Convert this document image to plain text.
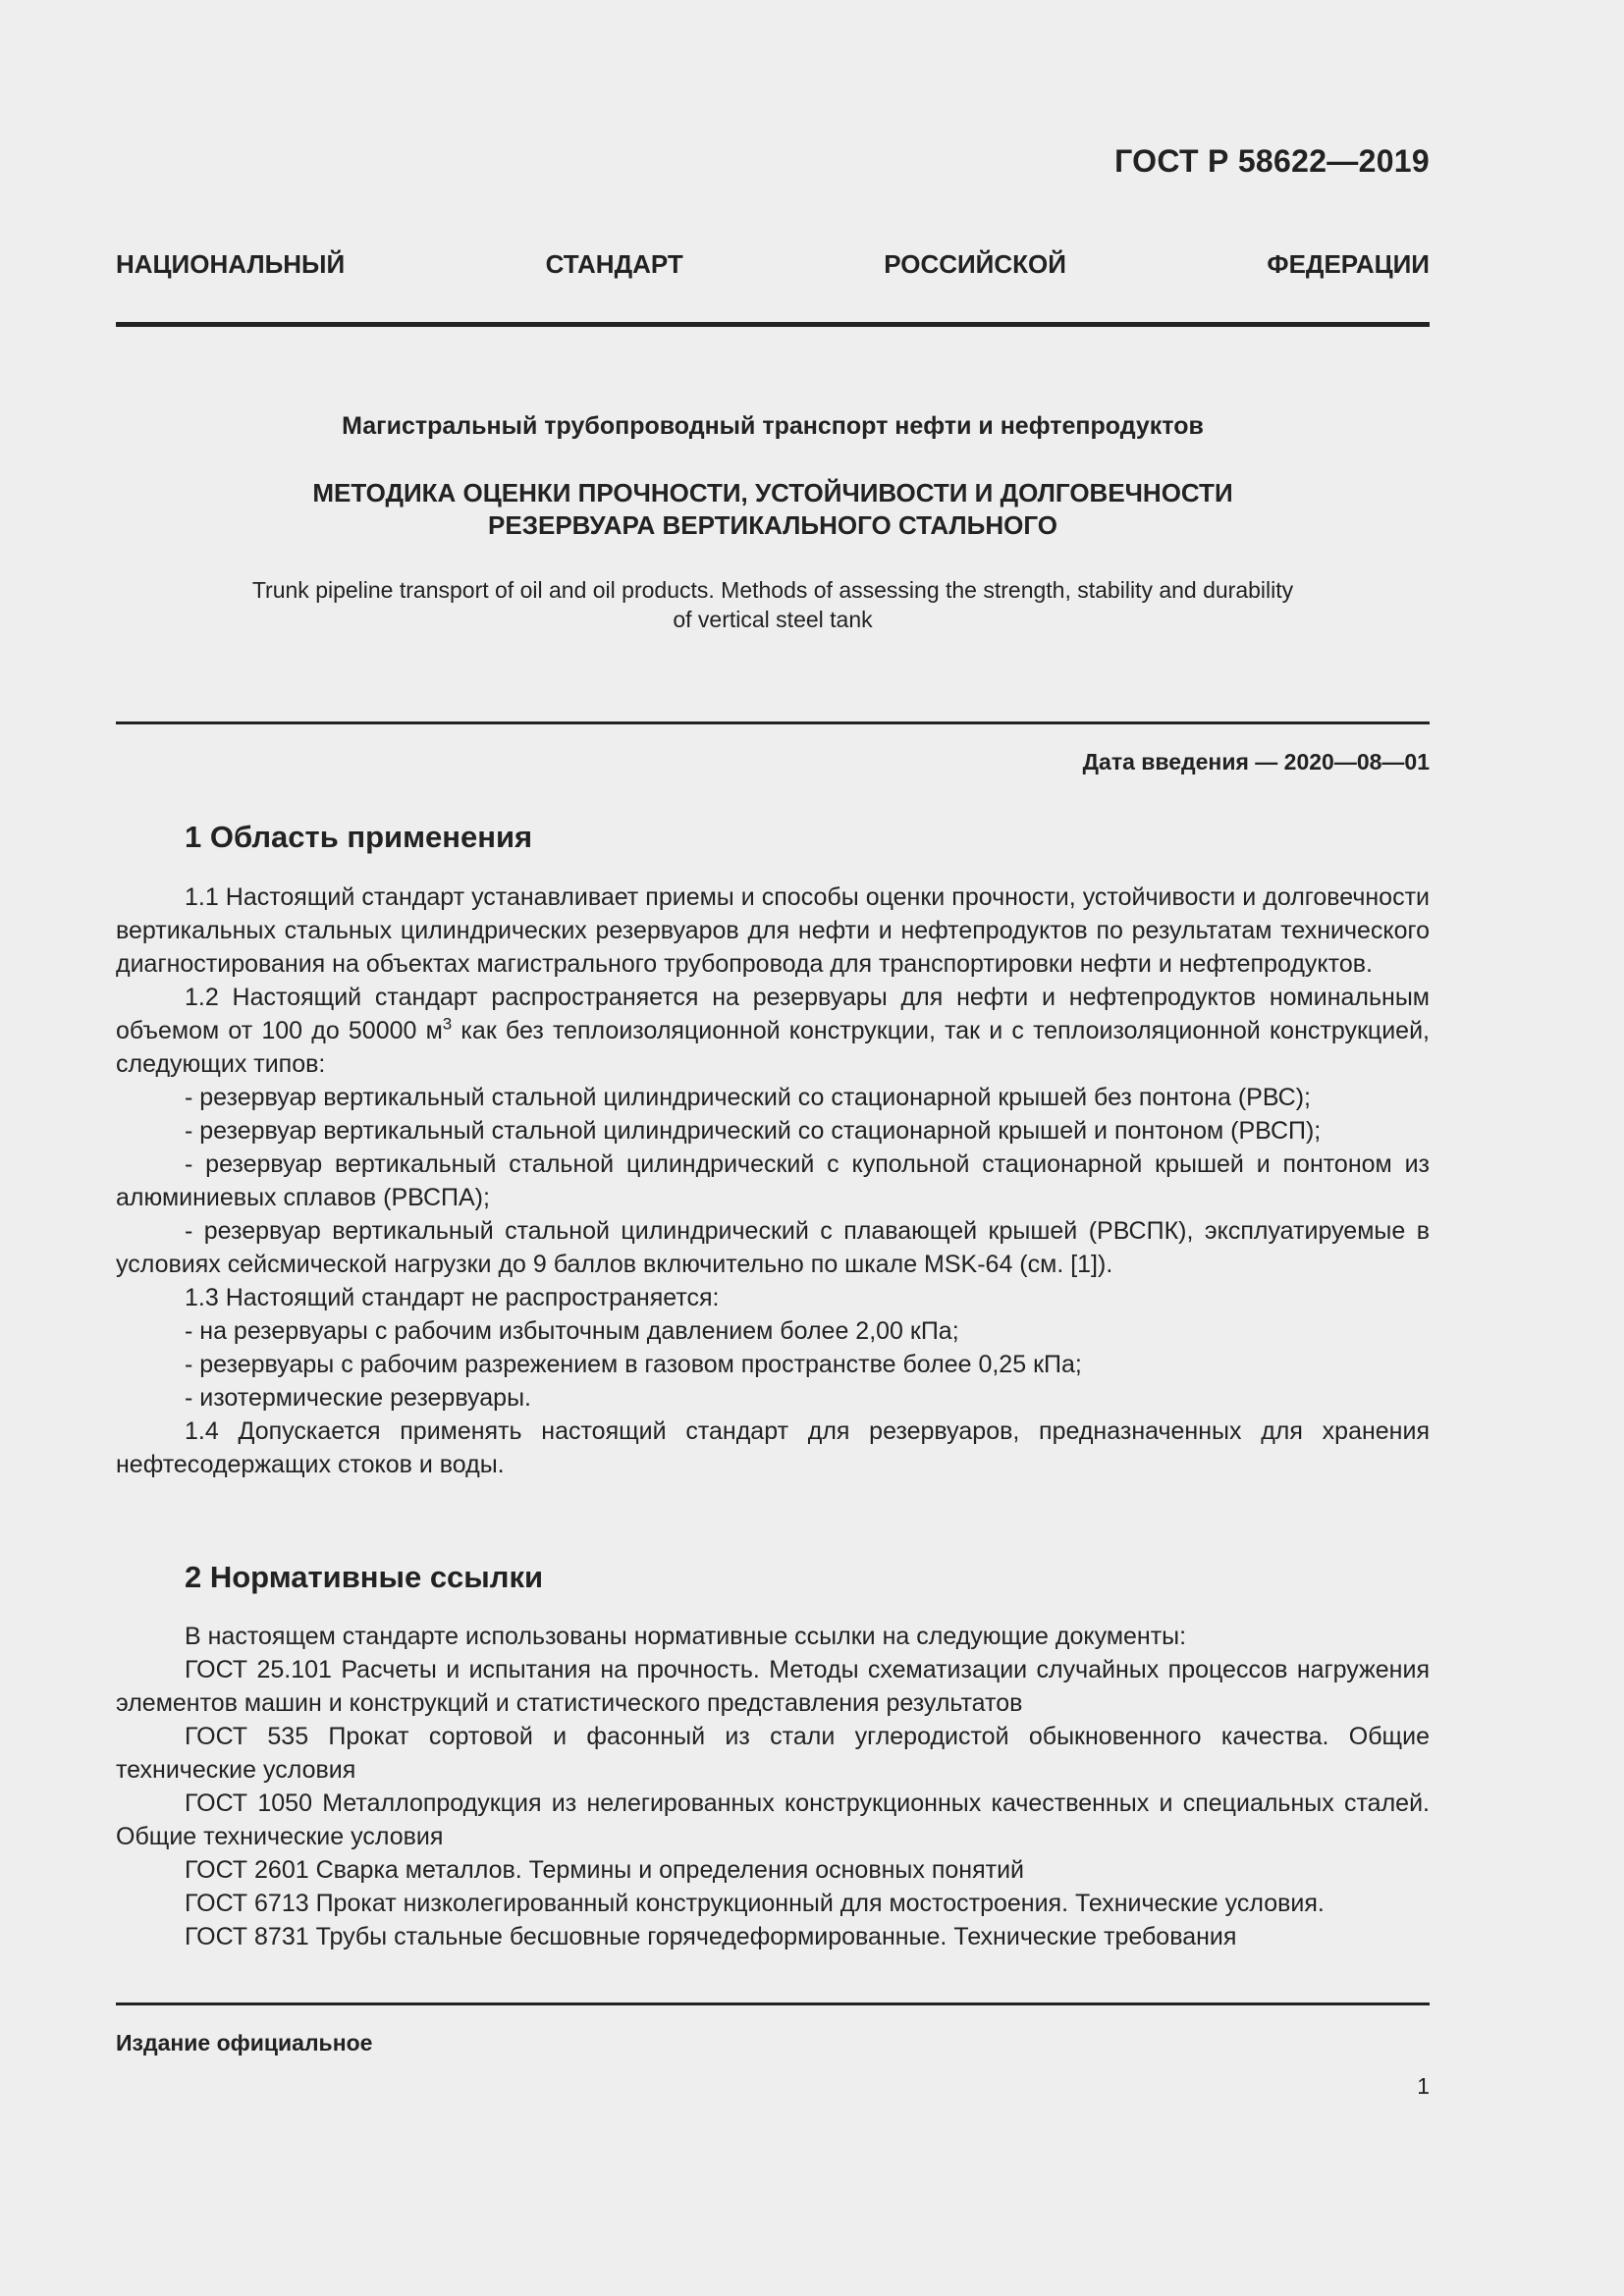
ГОСТ Р 58622—2019
НАЦИОНАЛЬНЫЙ СТАНДАРТ РОССИЙСКОЙ ФЕДЕРАЦИИ
Магистральный трубопроводный транспорт нефти и нефтепродуктов
МЕТОДИКА ОЦЕНКИ ПРОЧНОСТИ, УСТОЙЧИВОСТИ И ДОЛГОВЕЧНОСТИ
РЕЗЕРВУАРА ВЕРТИКАЛЬНОГО СТАЛЬНОГО
Trunk pipeline transport of oil and oil products. Methods of assessing the strength, stability and durability
of vertical steel tank
Дата введения — 2020—08—01
1 Область применения

1.1 Настоящий стандарт устанавливает приемы и способы оценки прочности, устойчивости и долговечности вертикальных стальных цилиндрических резервуаров для нефти и нефтепродуктов по результатам технического диагностирования на объектах магистрального трубопровода для транспортировки нефти и нефтепродуктов.

1.2 Настоящий стандарт распространяется на резервуары для нефти и нефтепродуктов номинальным объемом от 100 до 50000 $м^3$ как без теплоизоляционной конструкции, так и с теплоизоляционной конструкцией, следующих типов:

- резервуар вертикальный стальной цилиндрический со стационарной крышей без понтона (РВС);

- резервуар вертикальный стальной цилиндрический со стационарной крышей и понтоном (РВСП);

- резервуар вертикальный стальной цилиндрический с купольной стационарной крышей и понтоном из алюминиевых сплавов (РВСПА);

- резервуар вертикальный стальной цилиндрический с плавающей крышей (РВСПК), эксплуатируемые в условиях сейсмической нагрузки до 9 баллов включительно по шкале MSK-64 (см. [1]).

1.3 Настоящий стандарт не распространяется:

- на резервуары с рабочим избыточным давлением более 2,00 кПа;

- резервуары с рабочим разрежением в газовом пространстве более 0,25 кПа;

- изотермические резервуары.

1.4 Допускается применять настоящий стандарт для резервуаров, предназначенных для хранения нефтесодержащих стоков и воды.

2 Нормативные ссылки

В настоящем стандарте использованы нормативные ссылки на следующие документы:

ГОСТ 25.101 Расчеты и испытания на прочность. Методы схематизации случайных процессов нагружения элементов машин и конструкций и статистического представления результатов

ГОСТ 535 Прокат сортовой и фасонный из стали углеродистой обыкновенного качества. Общие технические условия

ГОСТ 1050 Металлопродукция из нелегированных конструкционных качественных и специальных сталей. Общие технические условия

ГОСТ 2601 Сварка металлов. Термины и определения основных понятий

ГОСТ 6713 Прокат низколегированный конструкционный для мостостроения. Технические условия.

ГОСТ 8731 Трубы стальные бесшовные горячедеформированные. Технические требования

Издание официальное
1
